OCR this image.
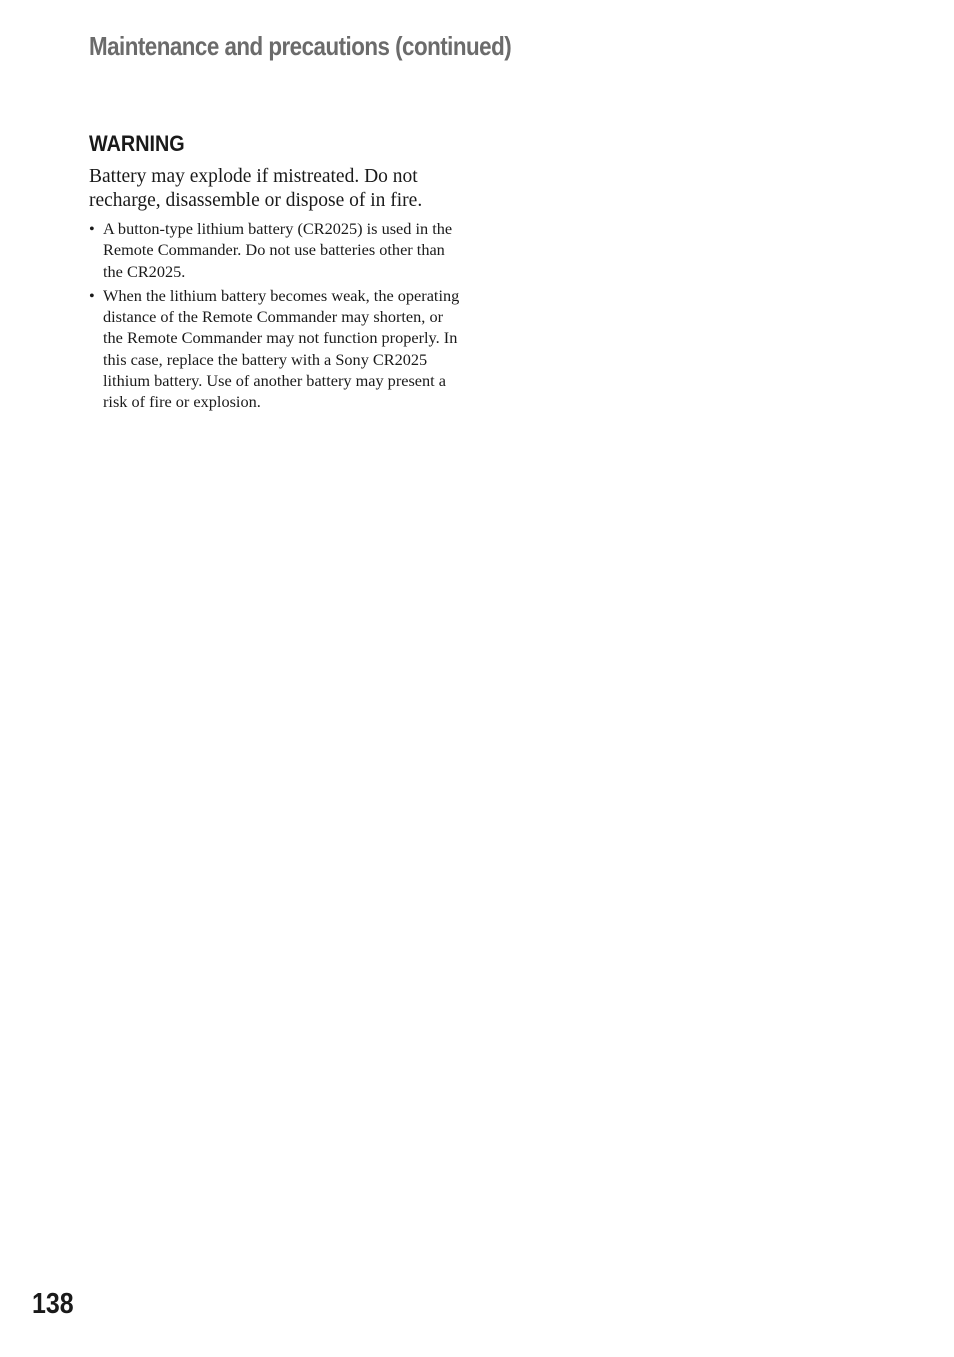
Maintenance and precautions (continued)
WARNING

Battery may explode if mistreated. Do not recharge, disassemble or dispose of in fire.

• A button-type lithium battery (CR2025) is used in the Remote Commander. Do not use batteries other than the CR2025.
• When the lithium battery becomes weak, the operating distance of the Remote Commander may shorten, or the Remote Commander may not function properly. In this case, replace the battery with a Sony CR2025 lithium battery. Use of another battery may present a risk of fire or explosion.
138
